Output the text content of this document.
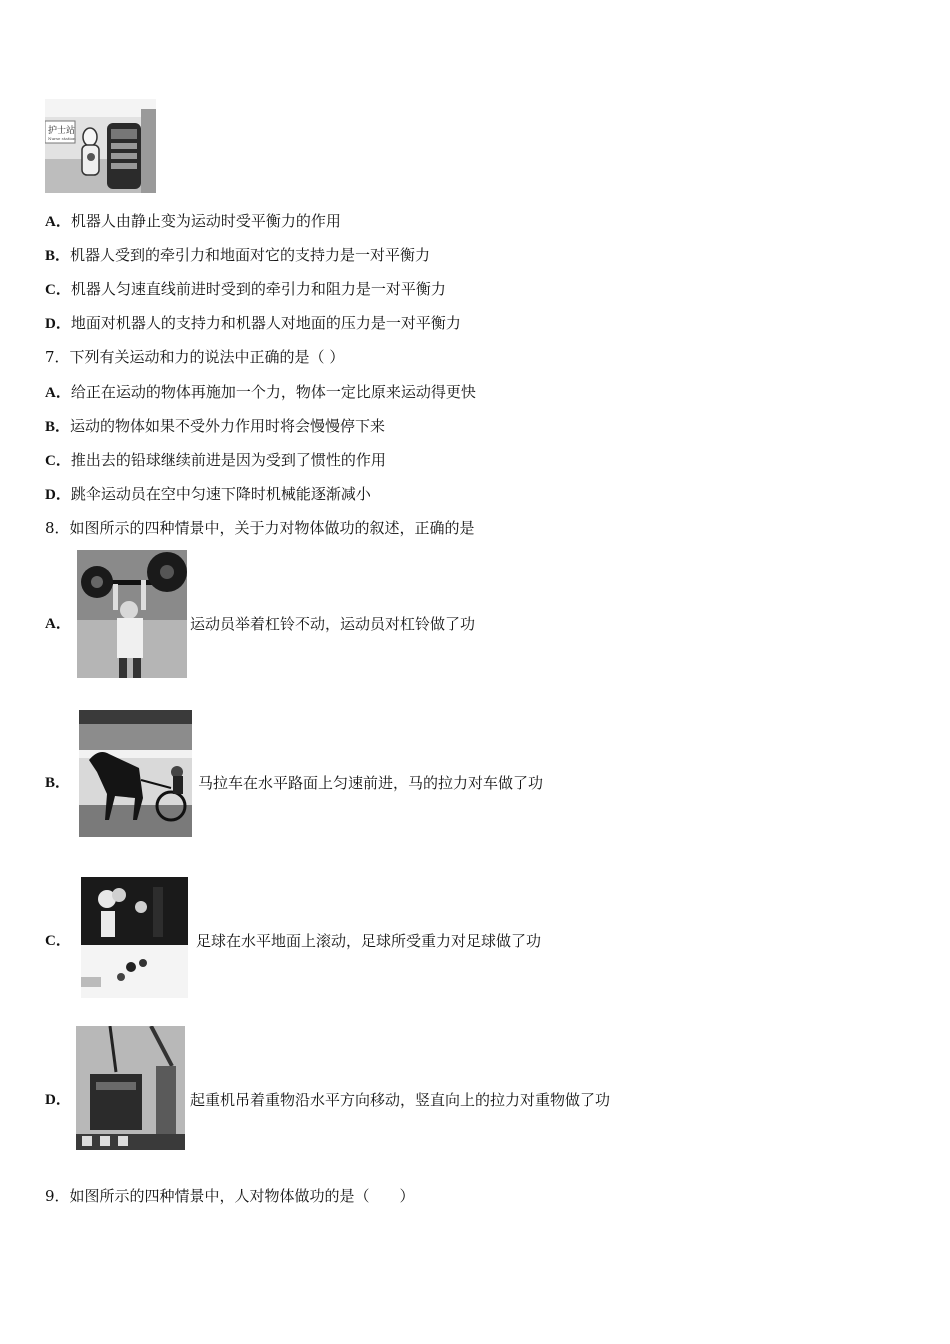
护士站
Nurse station
A．机器人由静止变为运动时受平衡力的作用
B．机器人受到的牵引力和地面对它的支持力是一对平衡力
C．机器人匀速直线前进时受到的牵引力和阻力是一对平衡力
D．地面对机器人的支持力和机器人对地面的压力是一对平衡力
7．下列有关运动和力的说法中正确的是（ ）
A．给正在运动的物体再施加一个力，物体一定比原来运动得更快
B．运动的物体如果不受外力作用时将会慢慢停下来
C．推出去的铅球继续前进是因为受到了惯性的作用
D．跳伞运动员在空中匀速下降时机械能逐渐减小
8．如图所示的四种情景中，关于力对物体做功的叙述，正确的是
A．	运动员举着杠铃不动，运动员对杠铃做了功
B．	马拉车在水平路面上匀速前进，马的拉力对车做了功
C．	足球在水平地面上滚动，足球所受重力对足球做了功
D．	起重机吊着重物沿水平方向移动，竖直向上的拉力对重物做了功
9．如图所示的四种情景中，人对物体做功的是（　　）
